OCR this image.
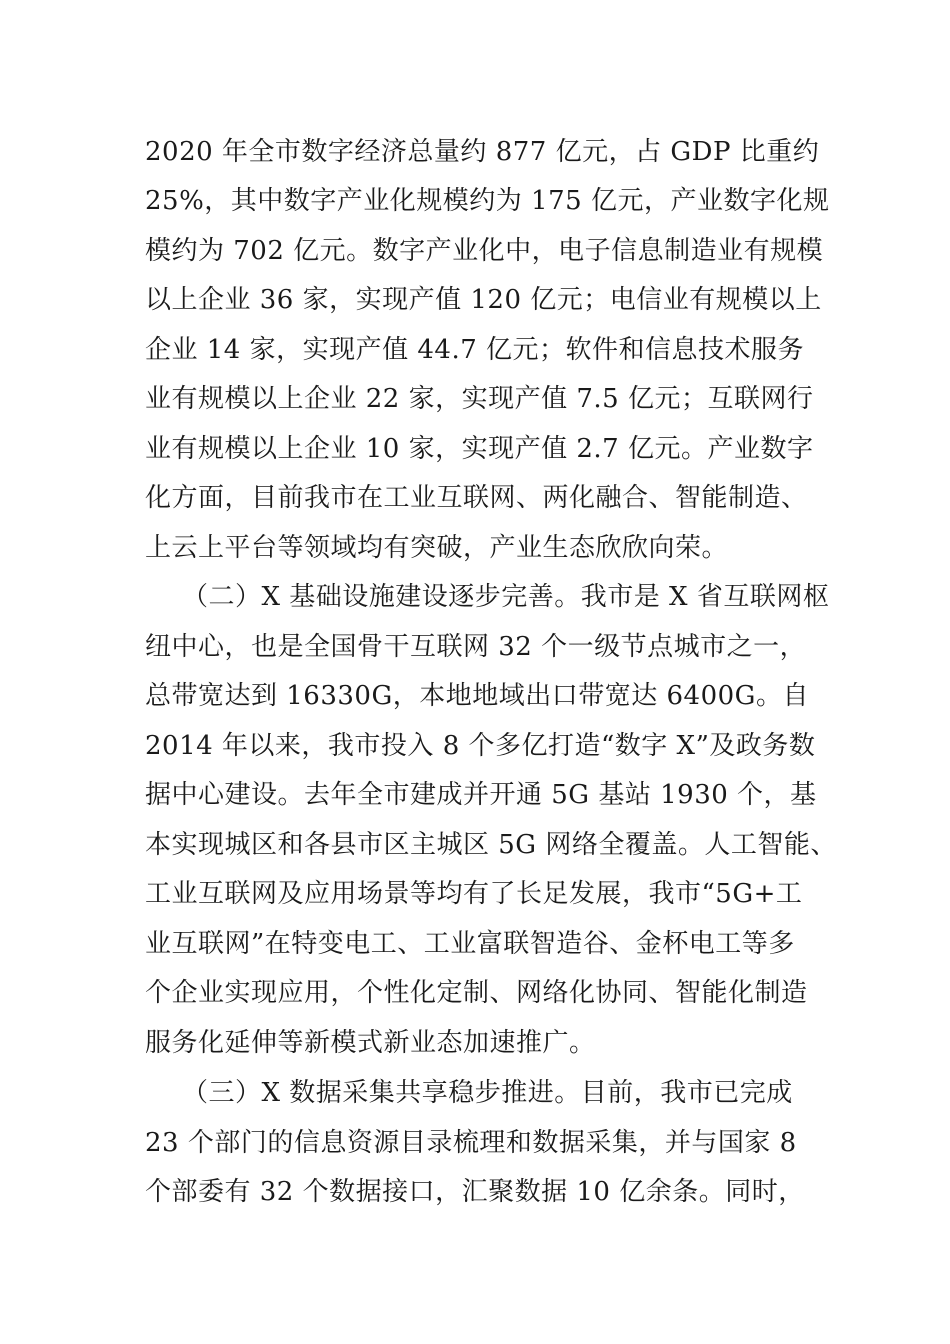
2020 年全市数字经济总量约 877 亿元，占 GDP 比重约
25%，其中数字产业化规模约为 175 亿元，产业数字化规
模约为 702 亿元。数字产业化中，电子信息制造业有规模
以上企业 36 家，实现产值 120 亿元；电信业有规模以上
企业 14 家，实现产值 44.7 亿元；软件和信息技术服务
业有规模以上企业 22 家，实现产值 7.5 亿元；互联网行
业有规模以上企业 10 家，实现产值 2.7 亿元。产业数字
化方面，目前我市在工业互联网、两化融合、智能制造、
上云上平台等领域均有突破，产业生态欣欣向荣。
（二）X 基础设施建设逐步完善。我市是 X 省互联网枢
纽中心，也是全国骨干互联网 32 个一级节点城市之一，
总带宽达到 16330G，本地地域出口带宽达 6400G。自
2014 年以来，我市投入 8 个多亿打造“数字 X”及政务数
据中心建设。去年全市建成并开通 5G 基站 1930 个，基
本实现城区和各县市区主城区 5G 网络全覆盖。人工智能、
工业互联网及应用场景等均有了长足发展，我市“5G+工
业互联网”在特变电工、工业富联智造谷、金杯电工等多
个企业实现应用，个性化定制、网络化协同、智能化制造
服务化延伸等新模式新业态加速推广。
（三）X 数据采集共享稳步推进。目前，我市已完成
23 个部门的信息资源目录梳理和数据采集，并与国家 8
个部委有 32 个数据接口，汇聚数据 10 亿余条。同时，
